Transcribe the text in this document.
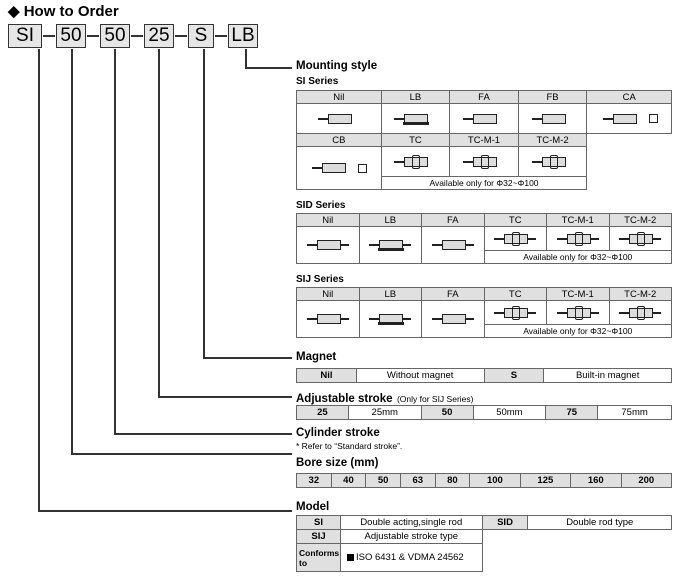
◆ How to Order
SI	50 50 25	S	LB
Mounting style
SI Series
Nil	LB	FA	FB	CA

CB	TC	TC-M-1	TC-M-2	

	Available only for Φ32~Φ100			
SID Series
Nil	LB	FA	TC	TC-M-1	TC-M-2

			Available only for Φ32~Φ100		
SIJ Series
Nil	LB	FA	TC	TC-M-1	TC-M-2

			Available only for Φ32~Φ100		
Magnet
Nil	Without magnet	S	Built-in magnet
Adjustable stroke (Only for SIJ Series)
25	25mm	50	50mm	75	75mm
Cylinder stroke
* Refer to “Standard stroke”.
Bore size (mm)
32	40	50	63	80	100	125	160	200
Model
SI	Double acting,single rod	SID	Double rod type
SIJ	Adjustable stroke type		
Conforms to	ISO 6431 & VDMA 24562		
